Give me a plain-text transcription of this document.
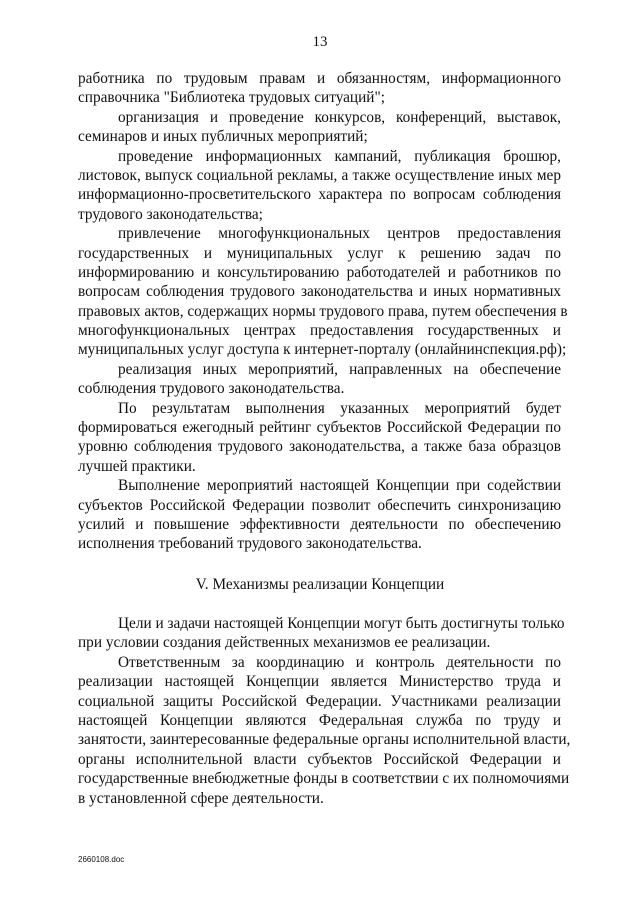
13
работника по трудовым правам и обязанностям, информационного
справочника "Библиотека трудовых ситуаций";
организация и проведение конкурсов, конференций, выставок,
семинаров и иных публичных мероприятий;
проведение информационных кампаний, публикация брошюр,
листовок, выпуск социальной рекламы, а также осуществление иных мер
информационно-просветительского характера по вопросам соблюдения
трудового законодательства;
привлечение многофункциональных центров предоставления
государственных и муниципальных услуг к решению задач по
информированию и консультированию работодателей и работников по
вопросам соблюдения трудового законодательства и иных нормативных
правовых актов, содержащих нормы трудового права, путем обеспечения в
многофункциональных центрах предоставления государственных и
муниципальных услуг доступа к интернет-порталу (онлайнинспекция.рф);
реализация иных мероприятий, направленных на обеспечение
соблюдения трудового законодательства.
По результатам выполнения указанных мероприятий будет
формироваться ежегодный рейтинг субъектов Российской Федерации по
уровню соблюдения трудового законодательства, а также база образцов
лучшей практики.
Выполнение мероприятий настоящей Концепции при содействии
субъектов Российской Федерации позволит обеспечить синхронизацию
усилий и повышение эффективности деятельности по обеспечению
исполнения требований трудового законодательства.
V. Механизмы реализации Концепции
Цели и задачи настоящей Концепции могут быть достигнуты только
при условии создания действенных механизмов ее реализации.
Ответственным за координацию и контроль деятельности по
реализации настоящей Концепции является Министерство труда и
социальной защиты Российской Федерации. Участниками реализации
настоящей Концепции являются Федеральная служба по труду и
занятости, заинтересованные федеральные органы исполнительной власти,
органы исполнительной власти субъектов Российской Федерации и
государственные внебюджетные фонды в соответствии с их полномочиями
в установленной сфере деятельности.
2660108.doc
